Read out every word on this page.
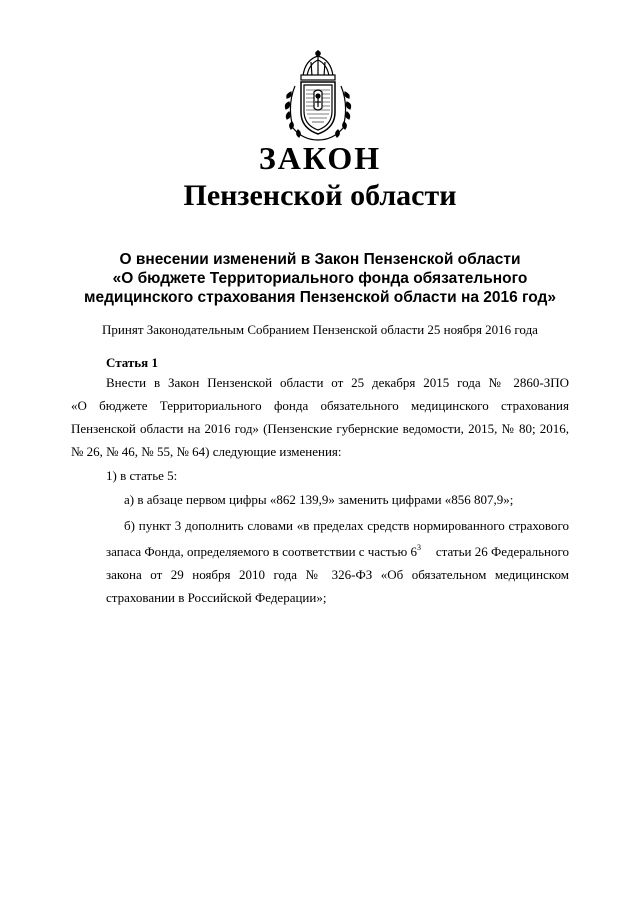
ЗАКОН
Пензенской области
О внесении изменений в Закон Пензенской области
«О бюджете Территориального фонда обязательного
медицинского страхования Пензенской области на 2016 год»
Принят Законодательным Собранием Пензенской области 25 ноября 2016 года
Статья 1
Внести в Закон Пензенской области от 25 декабря 2015 года № 2860-ЗПО
«О бюджете Территориального фонда обязательного медицинского страхования
Пензенской области на 2016 год» (Пензенские губернские ведомости, 2015, № 80; 2016,
№ 26, № 46, № 55, № 64) следующие изменения:
1) в статье 5:
а) в абзаце первом цифры «862 139,9» заменить цифрами «856 807,9»;
б) пункт 3 дополнить словами «в пределах средств нормированного страхового
запаса Фонда, определяемого в соответствии с частью $6^3$ статьи 26 Федерального
закона от 29 ноября 2010 года № 326-ФЗ «Об обязательном медицинском
страховании в Российской Федерации»;
